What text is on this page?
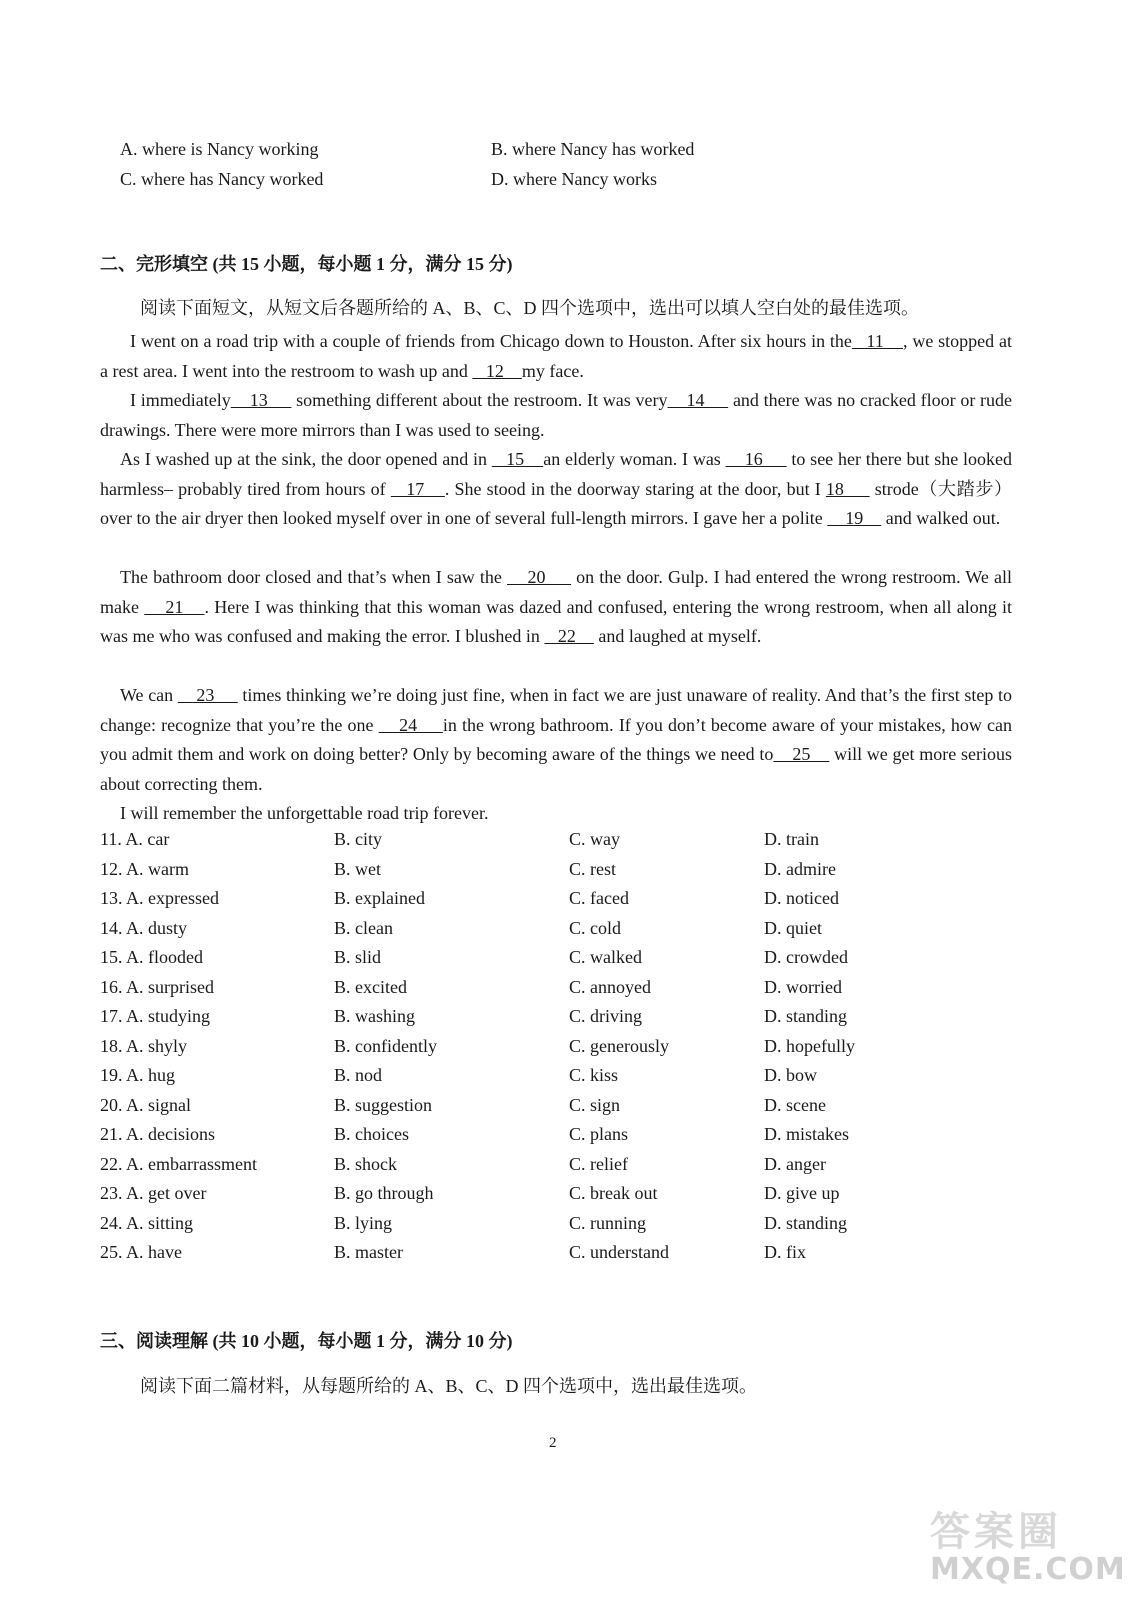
A. where is Nancy working	B. where Nancy has worked
C. where has Nancy worked	D. where Nancy works
二、完形填空 (共 15 小题，每小题 1 分，满分 15 分)
阅读下面短文，从短文后各题所给的 A、B、C、D 四个选项中，选出可以填人空白处的最佳选项。
I went on a road trip with a couple of friends from Chicago down to Houston. After six hours in the   11    , we stopped at a rest area. I went into the restroom to wash up and    12    my face.
I immediately    13      something different about the restroom. It was very    14      and there was no cracked floor or rude drawings. There were more mirrors than I was used to seeing.
As I washed up at the sink, the door opened and in    15    an elderly woman. I was     16      to see her there but she looked harmless– probably tired from hours of    17    . She stood in the doorway staring at the door, but I 18      strode（大踏步）over to the air dryer then looked myself over in one of several full-length mirrors. I gave her a polite     19     and walked out.
The bathroom door closed and that’s when I saw the     20      on the door. Gulp. I had entered the wrong restroom. We all make     21    . Here I was thinking that this woman was dazed and confused, entering the wrong restroom, when all along it was me who was confused and making the error. I blushed in    22     and laughed at myself.
We can     23      times thinking we’re doing just fine, when in fact we are just unaware of reality. And that’s the first step to change: recognize that you’re the one     24     in the wrong bathroom. If you don’t become aware of your mistakes, how can you admit them and work on doing better? Only by becoming aware of the things we need to    25     will we get more serious about correcting them.
I will remember the unforgettable road trip forever.
11. A. car	B. city	C. way	D. train
12. A. warm	B. wet	C. rest	D. admire
13. A. expressed	B. explained	C. faced	D. noticed
14. A. dusty	B. clean	C. cold	D. quiet
15. A. flooded	B. slid	C. walked	D. crowded
16. A. surprised	B. excited	C. annoyed	D. worried
17. A. studying	B. washing	C. driving	D. standing
18. A. shyly	B. confidently	C. generously	D. hopefully
19. A. hug	B. nod	C. kiss	D. bow
20. A. signal	B. suggestion	C. sign	D. scene
21. A. decisions	B. choices	C. plans	D. mistakes
22. A. embarrassment	B. shock	C. relief	D. anger
23. A. get over	B. go through	C. break out	D. give up
24. A. sitting	B. lying	C. running	D. standing
25. A. have	B. master	C. understand	D. fix
三、阅读理解 (共 10 小题，每小题 1 分，满分 10 分)
阅读下面二篇材料，从每题所给的 A、B、C、D 四个选项中，选出最佳选项。
2
答案圈
MXQE.COM
